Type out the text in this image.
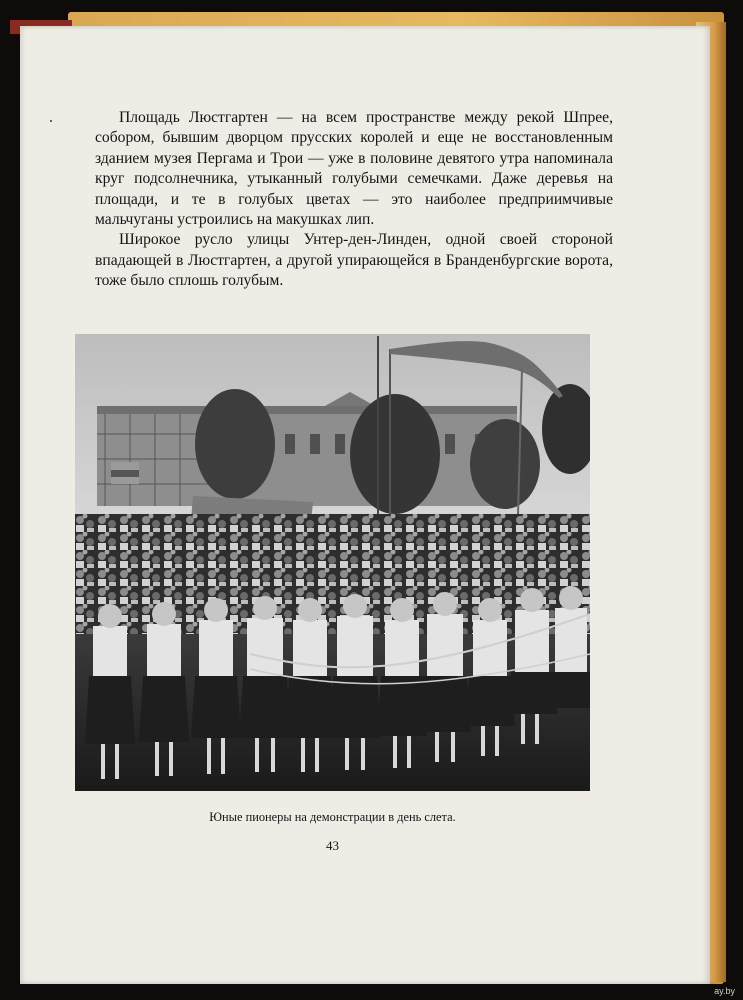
Площадь Люстгартен — на всем пространстве между рекой Шпрее, собором, бывшим дворцом прусских королей и еще не восстановленным зданием музея Пергама и Трои — уже в половине девятого утра напоминала круг подсолнечника, утыканный голубыми семечками. Даже деревья на площади, и те в голубых цветах — это наиболее предприимчивые мальчуганы устроились на макушках лип.

Широкое русло улицы Унтер-ден-Линден, одной своей стороной впадающей в Люстгартен, а другой упирающейся в Бранденбургские ворота, тоже было сплошь голубым.

Юные пионеры на демонстрации в день слета.
43
ay.by
